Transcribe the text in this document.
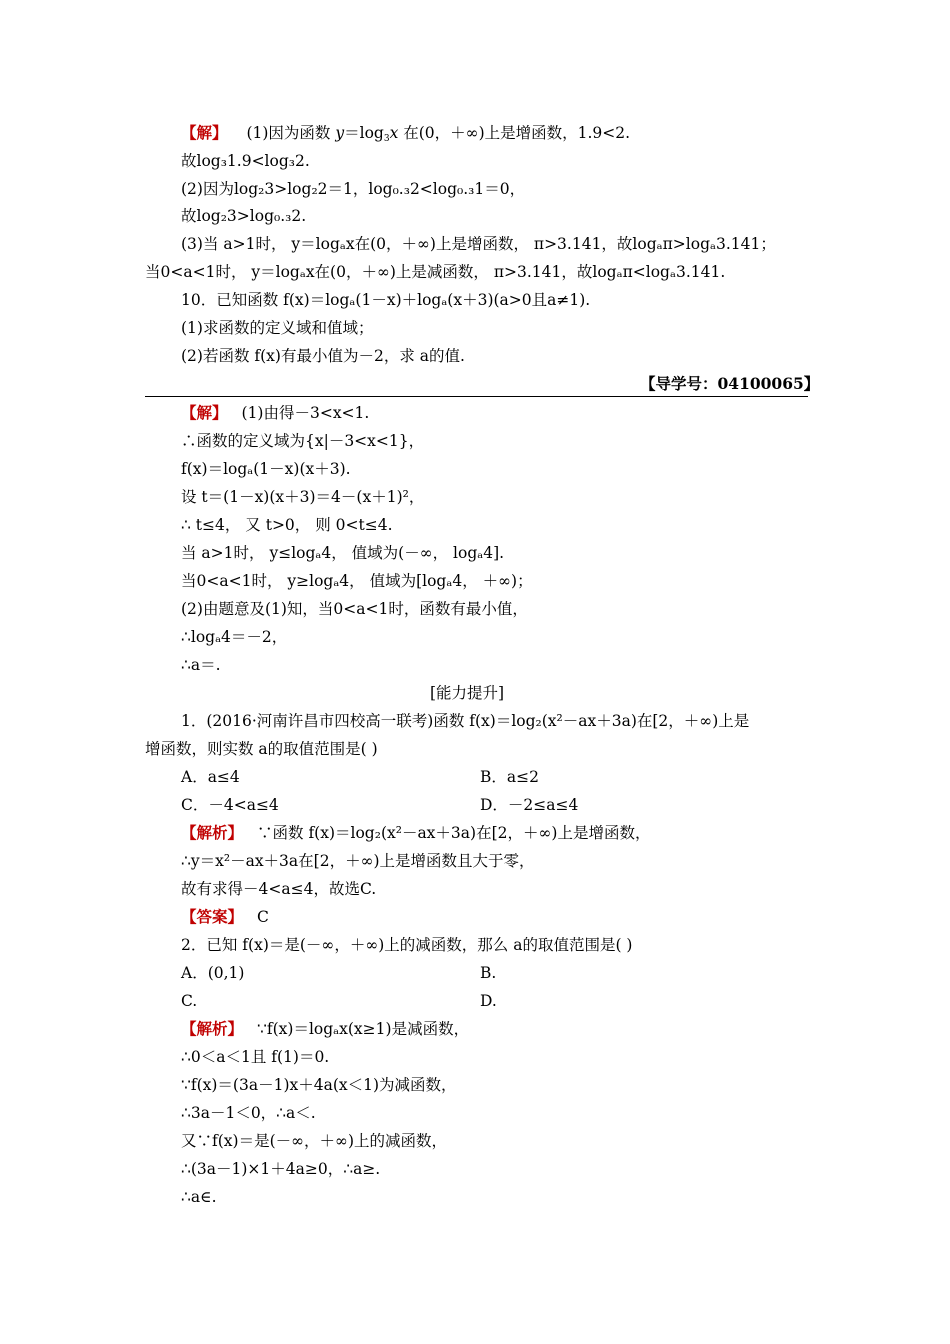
【解】 (1)因为函数 $y=\log_3x$ 在(0，＋∞)上是增函数，1.9<2.
故log₃1.9<log₃2.
(2)因为log₂3>log₂2＝1，log₀.₃2<log₀.₃1＝0，
故log₂3>log₀.₃2.
(3)当 a>1时， y＝logₐx在(0，＋∞)上是增函数， π>3.141，故logₐπ>logₐ3.141；
当0<a<1时， y＝logₐx在(0，＋∞)上是减函数， π>3.141，故logₐπ<logₐ3.141.
10．已知函数 f(x)＝logₐ(1－x)＋logₐ(x＋3)(a>0且a≠1).
(1)求函数的定义域和值域；
(2)若函数 f(x)有最小值为－2，求 a的值.
【导学号：04100065】
【解】 (1)由得－3<x<1.
∴函数的定义域为{x|－3<x<1}，
f(x)＝logₐ(1－x)(x＋3).
设 t＝(1－x)(x＋3)＝4－(x＋1)²，
∴ t≤4， 又 t>0， 则 0<t≤4.
当 a>1时， y≤logₐ4， 值域为(－∞， logₐ4].
当0<a<1时， y≥logₐ4， 值域为[logₐ4， ＋∞)；
(2)由题意及(1)知，当0<a<1时，函数有最小值，
∴logₐ4＝－2，
∴a＝.
[能力提升]
1．(2016·河南许昌市四校高一联考)函数 f(x)＝log₂(x²－ax＋3a)在[2，＋∞)上是
增函数，则实数 a的取值范围是( )
A．a≤4	B．a≤2
C．－4<a≤4	D．－2≤a≤4
【解析】 ∵函数 f(x)＝log₂(x²－ax＋3a)在[2，＋∞)上是增函数，
∴y＝x²－ax＋3a在[2，＋∞)上是增函数且大于零，
故有求得－4<a≤4，故选C.
【答案】 C
2．已知 f(x)＝是(－∞，＋∞)上的减函数，那么 a的取值范围是( )
A．(0,1)	B.
C.	D.
【解析】 ∵f(x)＝logₐx(x≥1)是减函数，
∴0＜a＜1且 f(1)＝0.
∵f(x)＝(3a－1)x＋4a(x＜1)为减函数，
∴3a－1＜0，∴a＜.
又∵f(x)＝是(－∞，＋∞)上的减函数，
∴(3a－1)×1＋4a≥0，∴a≥.
∴a∈.
